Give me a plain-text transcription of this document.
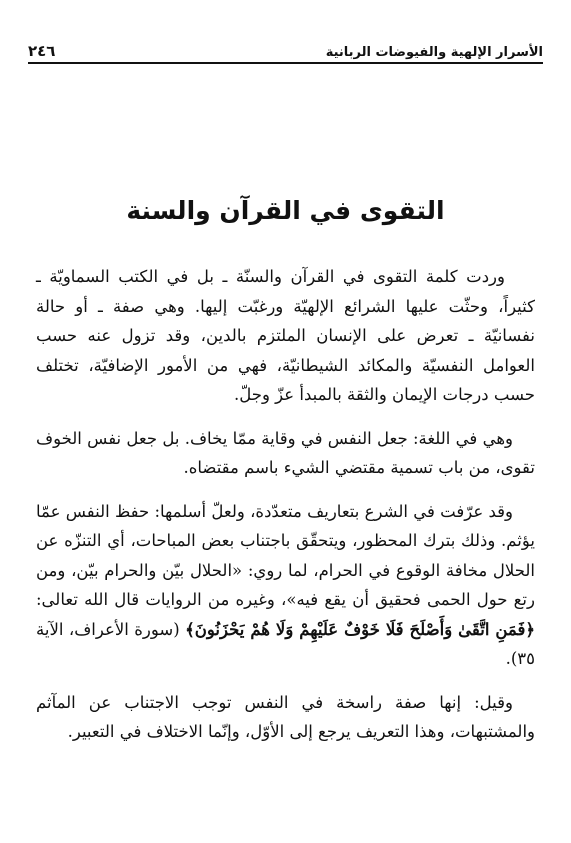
الأسرار الإلهية والفيوضات الربانية
٢٤٦
التقوى في القرآن والسنة

وردت كلمة التقوى في القرآن والسنّة ـ بل في الكتب السماويّة ـ كثيراً، وحثّت عليها الشرائع الإلهيّة ورغبّت إليها. وهي صفة ـ أو حالة نفسانيّة ـ تعرض على الإنسان الملتزم بالدين، وقد تزول عنه حسب العوامل النفسيّة والمكائد الشيطانيّة، فهي من الأمور الإضافيّة، تختلف حسب درجات الإيمان والثقة بالمبدأ عزّ وجلّ.

وهي في اللغة: جعل النفس في وقاية ممّا يخاف. بل جعل نفس الخوف تقوى، من باب تسمية مقتضي الشيء باسم مقتضاه.

وقد عرّفت في الشرع بتعاريف متعدّدة، ولعلّ أسلمها: حفظ النفس عمّا يؤثم. وذلك بترك المحظور، ويتحقّق باجتناب بعض المباحات، أي التنزّه عن الحلال مخافة الوقوع في الحرام، لما روي: «الحلال بيّن والحرام بيّن، ومن رتع حول الحمى فحقيق أن يقع فيه»، وغيره من الروايات قال الله تعالى: ﴿فَمَنِ اتَّقَىٰ وَأَصْلَحَ فَلَا خَوْفٌ عَلَيْهِمْ وَلَا هُمْ يَحْزَنُونَ﴾ (سورة الأعراف، الآية ٣٥).

وقيل: إنها صفة راسخة في النفس توجب الاجتناب عن المآثم والمشتبهات، وهذا التعريف يرجع إلى الأوّل، وإنّما الاختلاف في التعبير.
